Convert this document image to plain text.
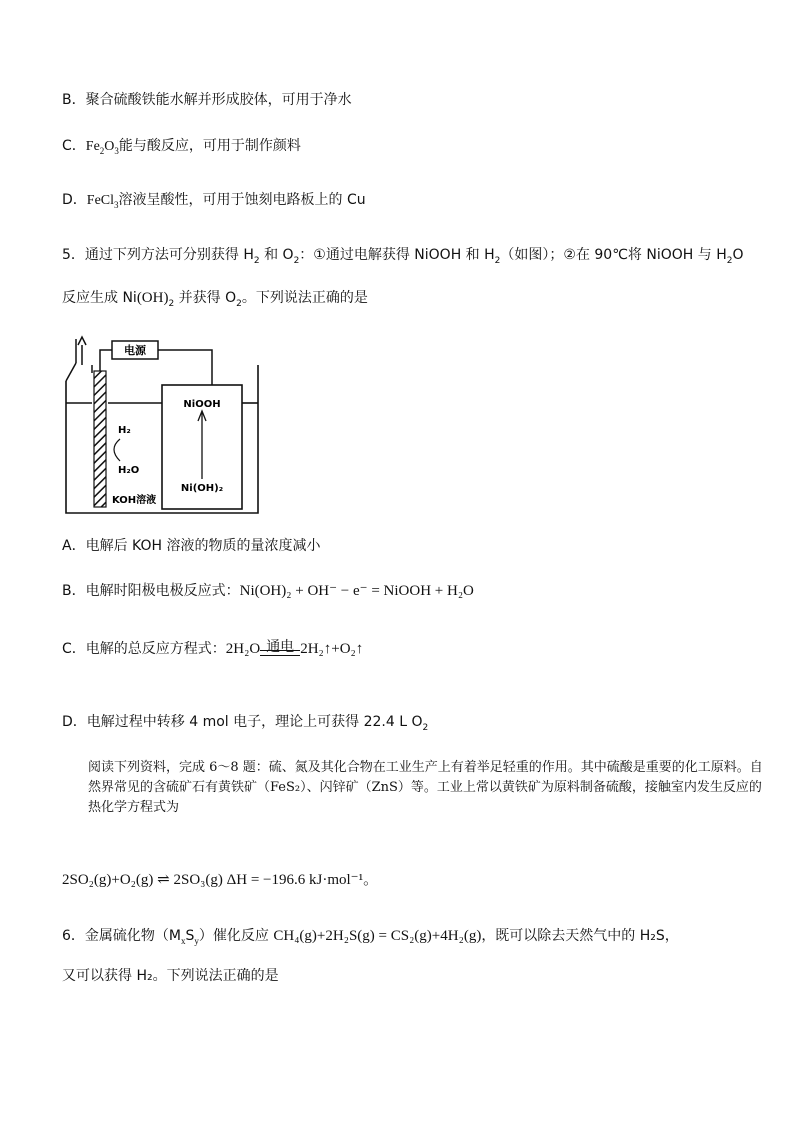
B．聚合硫酸铁能水解并形成胶体，可用于净水
C．$Fe_2O_3$能与酸反应，可用于制作颜料
D．FeCl$_3$溶液呈酸性，可用于蚀刻电路板上的 Cu
5．通过下列方法可分别获得 $H_2$ 和 $O_2$：①通过电解获得 NiOOH 和 $H_2$（如图）；②在 90℃将 NiOOH 与 $H_2O$
反应生成 $Ni(OH)_2$ 并获得 $O_2$。下列说法正确的是
电源
NiOOH
Ni(OH)₂
H₂
H₂O
KOH溶液
A．电解后 KOH 溶液的物质的量浓度减小
B．电解时阳极电极反应式：Ni(OH)₂ + OH⁻ − e⁻ = NiOOH + H₂O
C．电解的总反应方程式：2H₂O 通电 2H₂↑+O₂↑
D．电解过程中转移 4 mol 电子，理论上可获得 22.4 L $O_2$
阅读下列资料，完成 6～8 题：硫、氮及其化合物在工业生产上有着举足轻重的作用。其中硫酸是重要的化工原料。自然界常见的含硫矿石有黄铁矿（FeS₂）、闪锌矿（ZnS）等。工业上常以黄铁矿为原料制备硫酸，接触室内发生反应的热化学方程式为
2SO₂(g)+O₂(g) ⇌ 2SO₃(g) ΔH = −196.6 kJ·mol⁻¹。
6．金属硫化物$(M_xS_y)$催化反应 CH₄(g)+2H₂S(g) = CS₂(g)+4H₂(g)，既可以除去天然气中的 H₂S，
又可以获得 H₂。下列说法正确的是
